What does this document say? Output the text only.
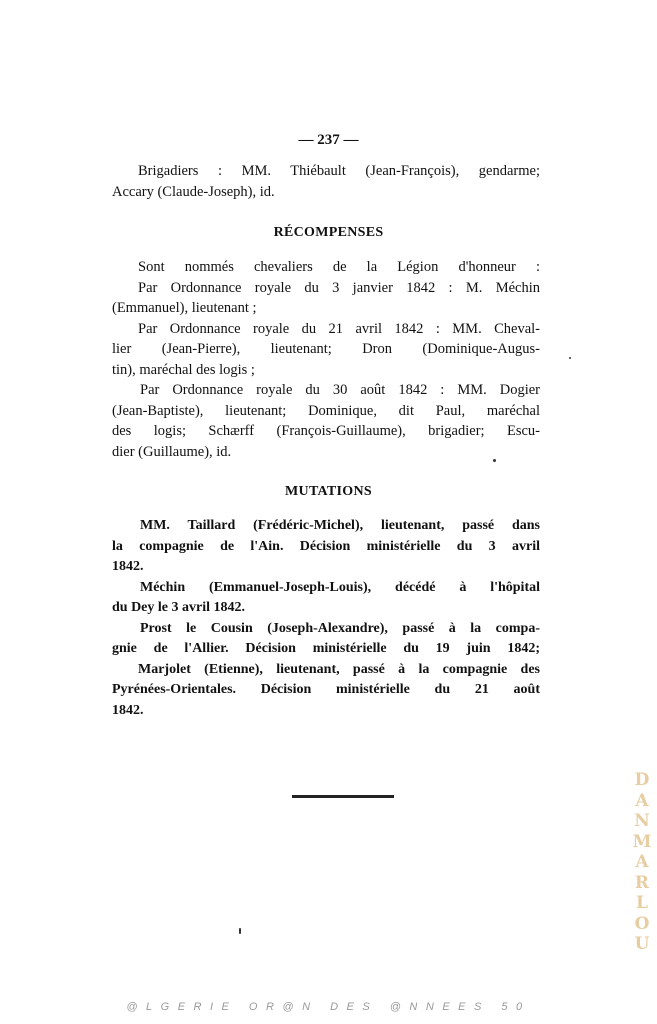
— 237 —
Brigadiers : MM. Thiébault (Jean-François), gendarme;
Accary (Claude-Joseph), id.
RÉCOMPENSES
Sont nommés chevaliers de la Légion d'honneur :
Par Ordonnance royale du 3 janvier 1842 : M. Méchin
(Emmanuel), lieutenant ;
Par Ordonnance royale du 21 avril 1842 : MM. Cheval-
lier (Jean-Pierre), lieutenant; Dron (Dominique-Augus-
tin), maréchal des logis ;
Par Ordonnance royale du 30 août 1842 : MM. Dogier
(Jean-Baptiste), lieutenant; Dominique, dit Paul, maréchal
des logis; Schærff (François-Guillaume), brigadier; Escu-
dier (Guillaume), id.
MUTATIONS
MM. Taillard (Frédéric-Michel), lieutenant, passé dans
la compagnie de l'Ain. Décision ministérielle du 3 avril
1842.
Méchin (Emmanuel-Joseph-Louis), décédé à l'hôpital
du Dey le 3 avril 1842.
Prost le Cousin (Joseph-Alexandre), passé à la compa-
gnie de l'Allier. Décision ministérielle du 19 juin 1842;
Marjolet (Etienne), lieutenant, passé à la compagnie des
Pyrénées-Orientales. Décision ministérielle du 21 août
1842.
DANMARLOU
@LGERIE OR@N DES @NNEES 50
